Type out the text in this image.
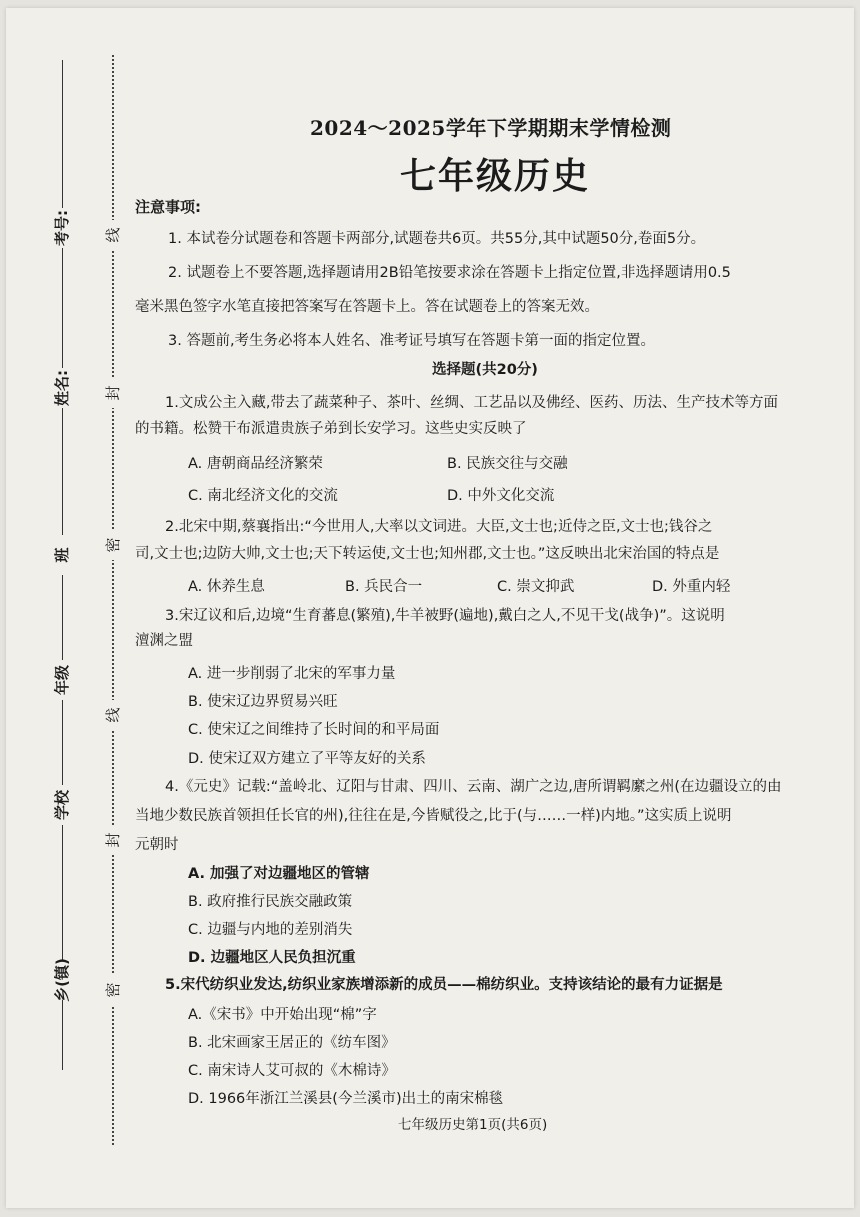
考号:
姓名:
班
年级
学校
乡(镇)
线
封
密
线
封
密
2024～2025学年下学期期末学情检测
七年级历史
注意事项:
1. 本试卷分试题卷和答题卡两部分,试题卷共6页。共55分,其中试题50分,卷面5分。
2. 试题卷上不要答题,选择题请用2B铅笔按要求涂在答题卡上指定位置,非选择题请用0.5
毫米黑色签字水笔直接把答案写在答题卡上。答在试题卷上的答案无效。
3. 答题前,考生务必将本人姓名、准考证号填写在答题卡第一面的指定位置。
选择题(共20分)
1.文成公主入藏,带去了蔬菜种子、茶叶、丝绸、工艺品以及佛经、医药、历法、生产技术等方面
的书籍。松赞干布派遣贵族子弟到长安学习。这些史实反映了
A. 唐朝商品经济繁荣	B. 民族交往与交融
C. 南北经济文化的交流	D. 中外文化交流
2.北宋中期,蔡襄指出:“今世用人,大率以文词进。大臣,文士也;近侍之臣,文士也;钱谷之
司,文士也;边防大帅,文士也;天下转运使,文士也;知州郡,文士也。”这反映出北宋治国的特点是
A. 休养生息	B. 兵民合一	C. 崇文抑武	D. 外重内轻
3.宋辽议和后,边境“生育蕃息(繁殖),牛羊被野(遍地),戴白之人,不见干戈(战争)”。这说明
澶渊之盟
A. 进一步削弱了北宋的军事力量
B. 使宋辽边界贸易兴旺
C. 使宋辽之间维持了长时间的和平局面
D. 使宋辽双方建立了平等友好的关系
4.《元史》记载:“盖岭北、辽阳与甘肃、四川、云南、湖广之边,唐所谓羁縻之州(在边疆设立的由
当地少数民族首领担任长官的州),往往在是,今皆赋役之,比于(与……一样)内地。”这实质上说明
元朝时
A. 加强了对边疆地区的管辖
B. 政府推行民族交融政策
C. 边疆与内地的差别消失
D. 边疆地区人民负担沉重
5.宋代纺织业发达,纺织业家族增添新的成员——棉纺织业。支持该结论的最有力证据是
A.《宋书》中开始出现“棉”字
B. 北宋画家王居正的《纺车图》
C. 南宋诗人艾可叔的《木棉诗》
D. 1966年浙江兰溪县(今兰溪市)出土的南宋棉毯
七年级历史第1页(共6页)
